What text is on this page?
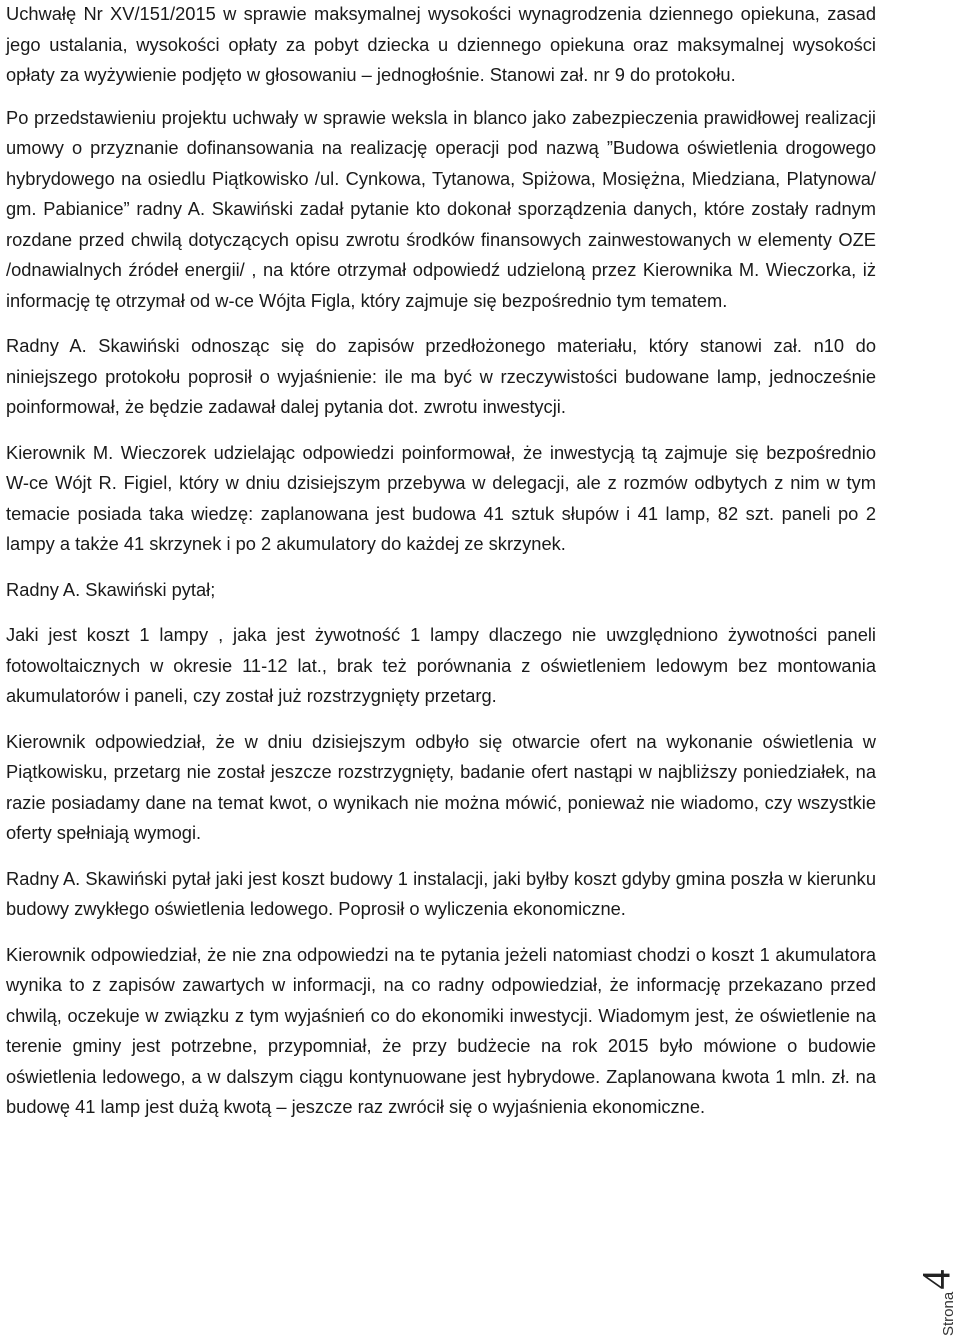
Uchwałę Nr XV/151/2015 w sprawie maksymalnej wysokości wynagrodzenia dziennego opiekuna, zasad jego ustalania, wysokości opłaty za pobyt dziecka u dziennego opiekuna oraz maksymalnej wysokości opłaty za wyżywienie podjęto w głosowaniu – jednogłośnie. Stanowi zał. nr 9 do protokołu.

Po przedstawieniu projektu uchwały w sprawie weksla in blanco jako zabezpieczenia prawidłowej realizacji umowy o przyznanie dofinansowania na realizację operacji pod nazwą ”Budowa oświetlenia drogowego hybrydowego na osiedlu Piątkowisko /ul. Cynkowa, Tytanowa, Spiżowa, Mosiężna, Miedziana, Platynowa/ gm. Pabianice” radny A. Skawiński zadał pytanie kto dokonał sporządzenia danych, które zostały radnym rozdane przed chwilą dotyczących opisu zwrotu środków finansowych zainwestowanych w elementy OZE /odnawialnych źródeł energii/ , na które otrzymał odpowiedź udzieloną przez Kierownika M. Wieczorka, iż informację tę otrzymał od w-ce Wójta Figla, który zajmuje się bezpośrednio tym tematem.

Radny A. Skawiński odnosząc się do zapisów przedłożonego materiału, który stanowi zał. n10 do niniejszego protokołu poprosił o wyjaśnienie: ile ma być w rzeczywistości budowane lamp, jednocześnie poinformował, że będzie zadawał dalej pytania dot. zwrotu inwestycji.

Kierownik M. Wieczorek udzielając odpowiedzi poinformował, że inwestycją tą zajmuje się bezpośrednio W-ce Wójt R. Figiel, który w dniu dzisiejszym przebywa w delegacji, ale z rozmów odbytych z nim w tym temacie posiada taka wiedzę: zaplanowana jest budowa 41 sztuk słupów i 41 lamp, 82 szt. paneli po 2 lampy a także 41 skrzynek i po 2 akumulatory do każdej ze skrzynek.

Radny A. Skawiński pytał;

Jaki jest koszt 1 lampy , jaka jest żywotność 1 lampy dlaczego nie uwzględniono żywotności paneli fotowoltaicznych w okresie 11-12 lat., brak też porównania z oświetleniem ledowym bez montowania akumulatorów i paneli, czy został już rozstrzygnięty przetarg.

Kierownik odpowiedział, że w dniu dzisiejszym odbyło się otwarcie ofert na wykonanie oświetlenia w Piątkowisku, przetarg nie został jeszcze rozstrzygnięty, badanie ofert nastąpi w najbliższy poniedziałek, na razie posiadamy dane na temat kwot, o wynikach nie można mówić, ponieważ nie wiadomo, czy wszystkie oferty spełniają wymogi.

Radny A. Skawiński pytał jaki jest koszt budowy 1 instalacji, jaki byłby koszt gdyby gmina poszła w kierunku budowy zwykłego oświetlenia ledowego. Poprosił o wyliczenia ekonomiczne.

Kierownik odpowiedział, że nie zna odpowiedzi na te pytania jeżeli natomiast chodzi o koszt 1 akumulatora wynika to z zapisów zawartych w informacji, na co radny odpowiedział, że informację przekazano przed chwilą, oczekuje w związku z tym wyjaśnień co do ekonomiki inwestycji. Wiadomym jest, że oświetlenie na terenie gminy jest potrzebne, przypomniał, że przy budżecie na rok 2015 było mówione o budowie oświetlenia ledowego, a w dalszym ciągu kontynuowane jest hybrydowe. Zaplanowana kwota 1 mln. zł. na budowę 41 lamp jest dużą kwotą – jeszcze raz zwrócił się o wyjaśnienia ekonomiczne.

Strona
4
